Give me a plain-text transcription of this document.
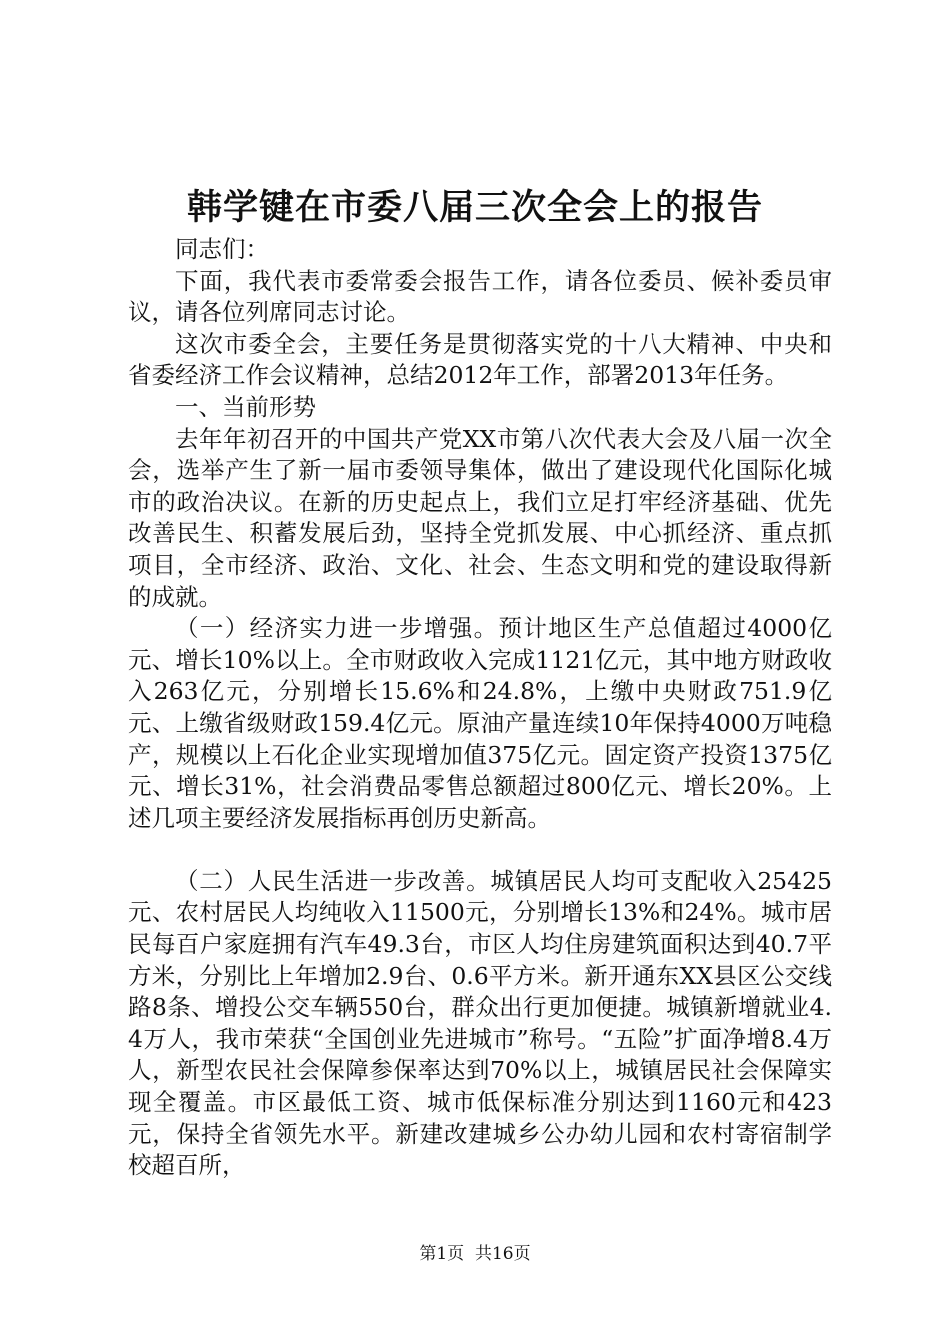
韩学键在市委八届三次全会上的报告

同志们：

下面，我代表市委常委会报告工作，请各位委员、候补委员审议，请各位列席同志讨论。

这次市委全会，主要任务是贯彻落实党的十八大精神、中央和省委经济工作会议精神，总结2012年工作，部署2013年任务。

一、当前形势

去年年初召开的中国共产党XX市第八次代表大会及八届一次全会，选举产生了新一届市委领导集体，做出了建设现代化国际化城市的政治决议。在新的历史起点上，我们立足打牢经济基础、优先改善民生、积蓄发展后劲，坚持全党抓发展、中心抓经济、重点抓项目，全市经济、政治、文化、社会、生态文明和党的建设取得新的成就。

（一）经济实力进一步增强。预计地区生产总值超过4000亿元、增长10%以上。全市财政收入完成1121亿元，其中地方财政收入263亿元，分别增长15.6%和24.8%，上缴中央财政751.9亿元、上缴省级财政159.4亿元。原油产量连续10年保持4000万吨稳产，规模以上石化企业实现增加值375亿元。固定资产投资1375亿元、增长31%，社会消费品零售总额超过800亿元、增长20%。上述几项主要经济发展指标再创历史新高。

（二）人民生活进一步改善。城镇居民人均可支配收入25425元、农村居民人均纯收入11500元，分别增长13%和24%。城市居民每百户家庭拥有汽车49.3台，市区人均住房建筑面积达到40.7平方米，分别比上年增加2.9台、0.6平方米。新开通东XX县区公交线路8条、增投公交车辆550台，群众出行更加便捷。城镇新增就业4.4万人，我市荣获“全国创业先进城市”称号。“五险”扩面净增8.4万人，新型农民社会保障参保率达到70%以上，城镇居民社会保障实现全覆盖。市区最低工资、城市低保标准分别达到1160元和423元，保持全省领先水平。新建改建城乡公办幼儿园和农村寄宿制学校超百所，

第1页  共16页
